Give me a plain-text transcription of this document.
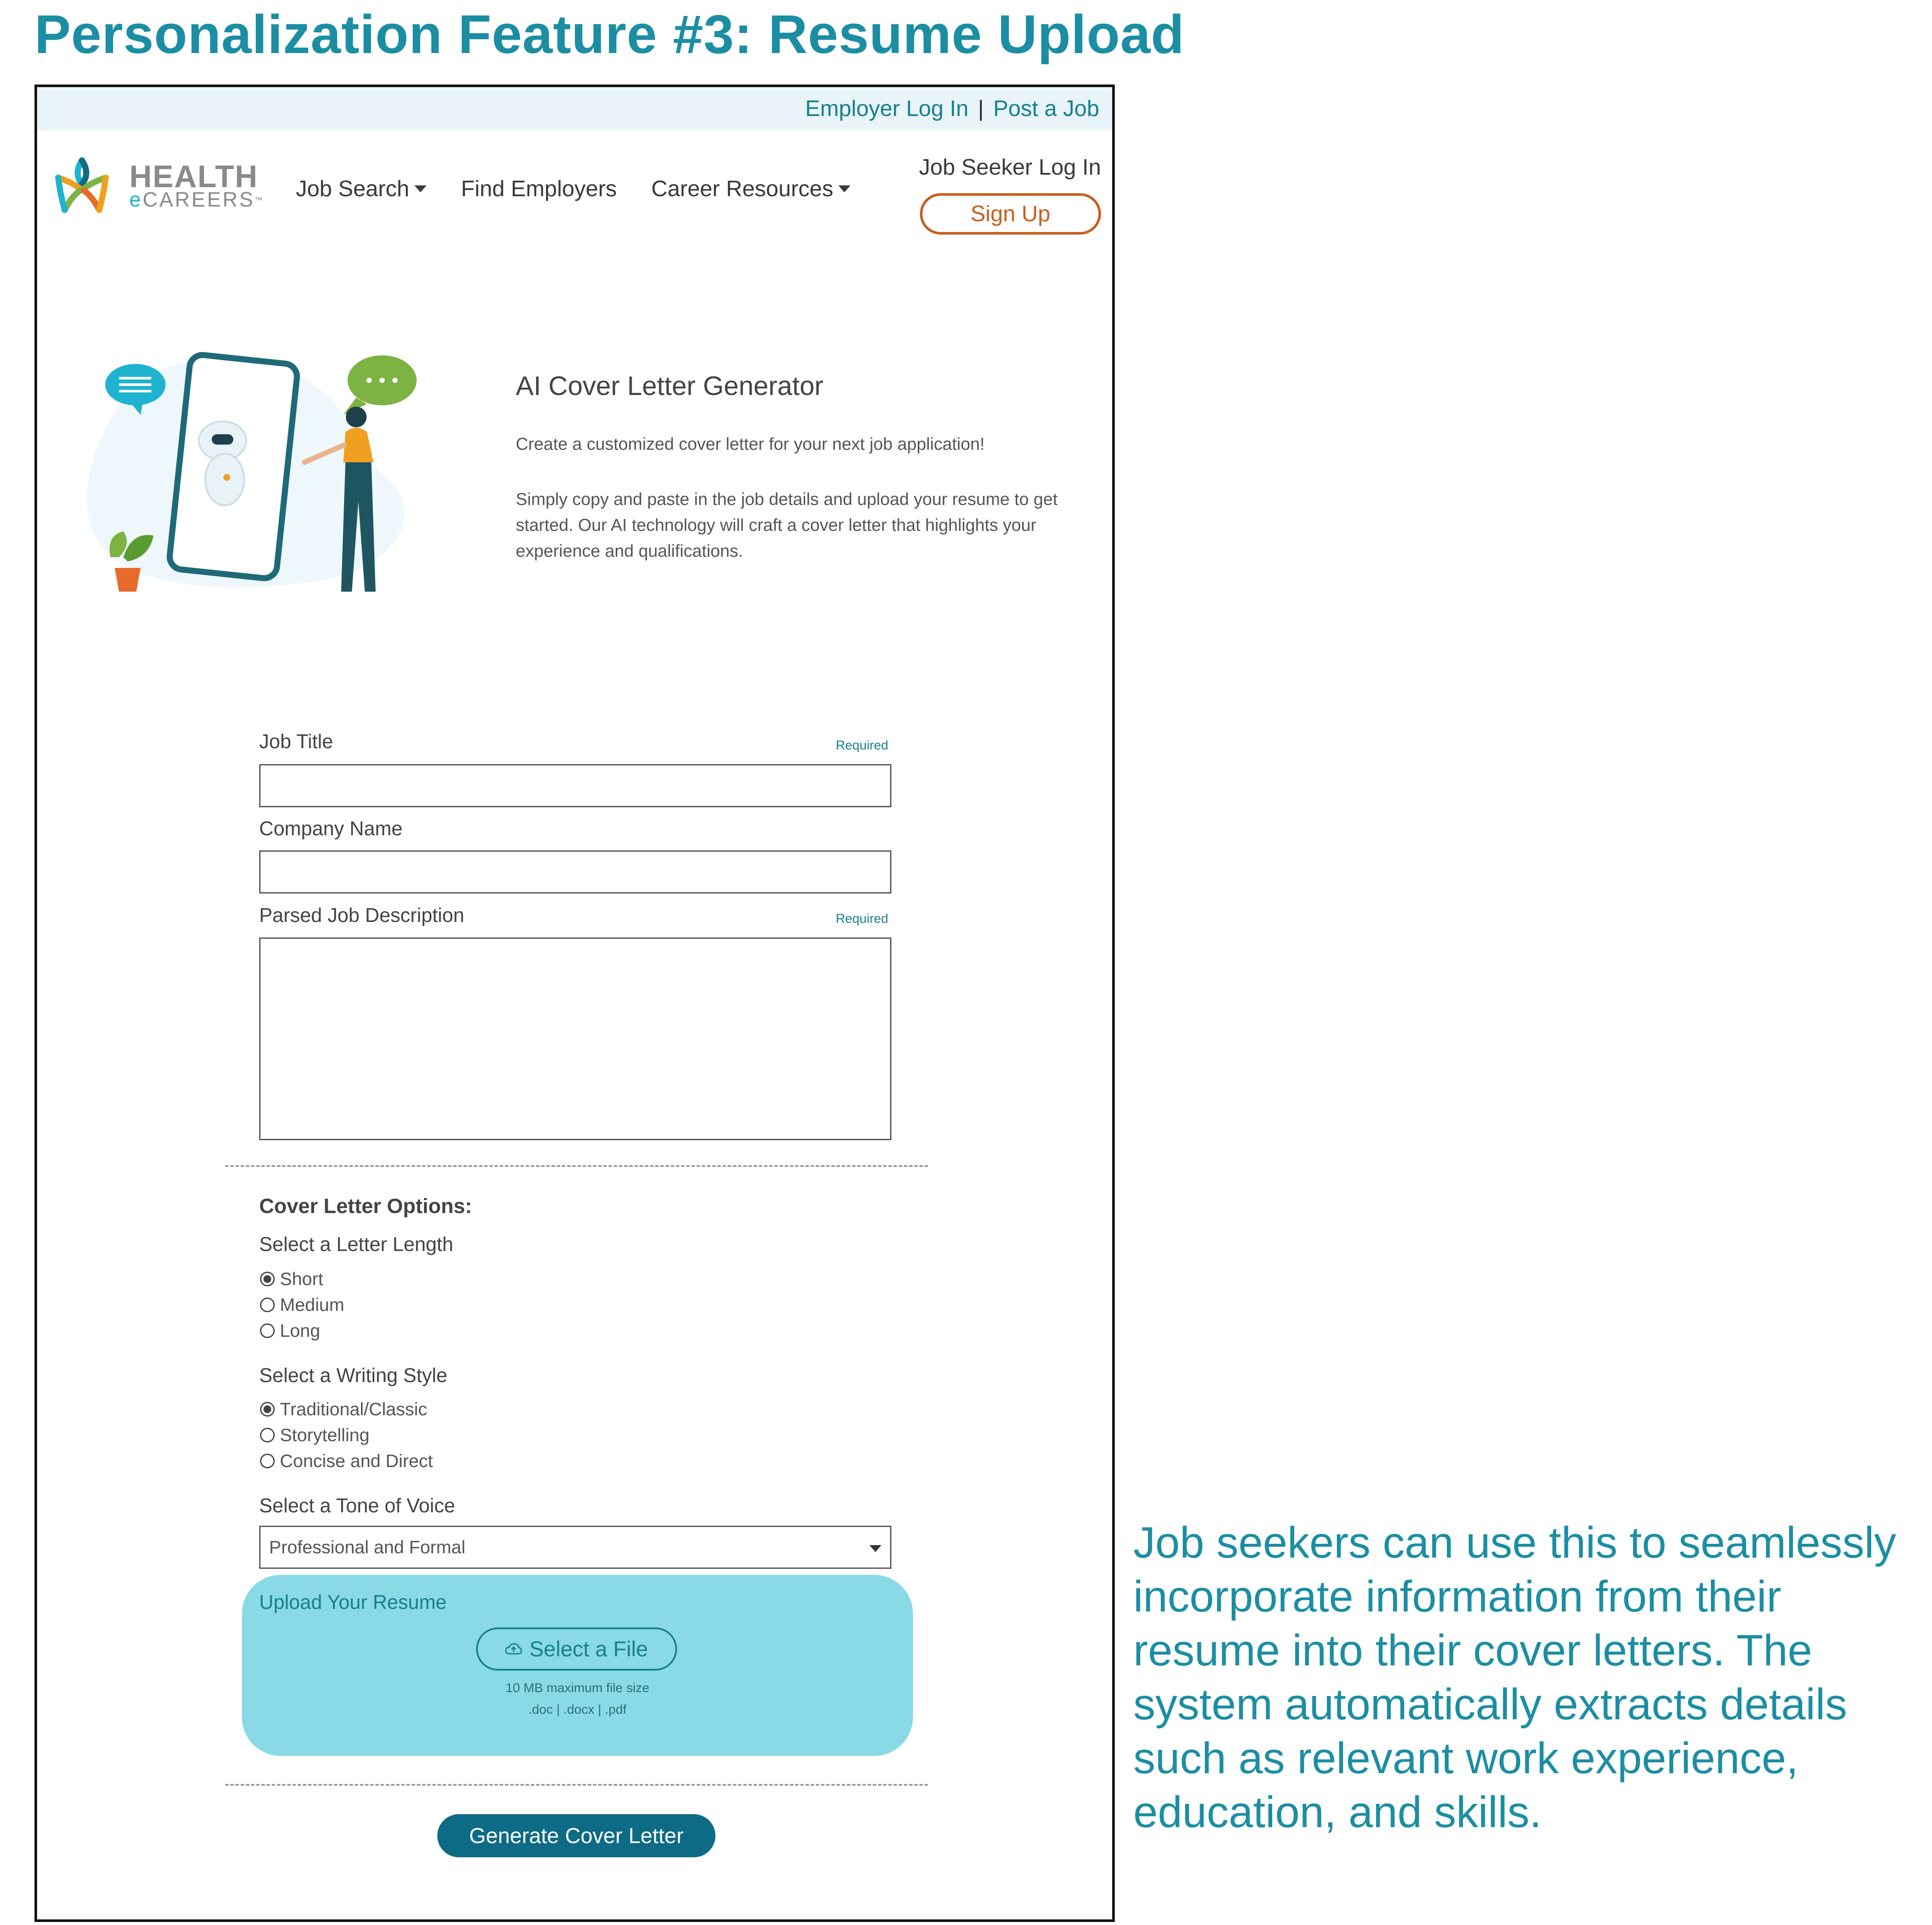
Personalization Feature #3: Resume Upload
Employer Log In | Post a Job
HEALTH
eCAREERS™ Job Search Find Employers Career Resources
Job Seeker Log In
Sign Up
AI Cover Letter Generator
Create a customized cover letter for your next job application!
Simply copy and paste in the job details and upload your resume to get started. Our AI technology will craft a cover letter that highlights your experience and qualifications.
Job Title	Required
Company Name
Parsed Job Description	Required
Cover Letter Options:
Select a Letter Length
Short
Medium
Long
Select a Writing Style
Traditional/Classic
Storytelling
Concise and Direct
Select a Tone of Voice
Professional and Formal
Upload Your Resume
Select a File
10 MB maximum file size
.doc | .docx | .pdf
Generate Cover Letter

Job seekers can use this to seamlessly incorporate information from their resume into their cover letters. The system automatically extracts details such as relevant work experience, education, and skills.
